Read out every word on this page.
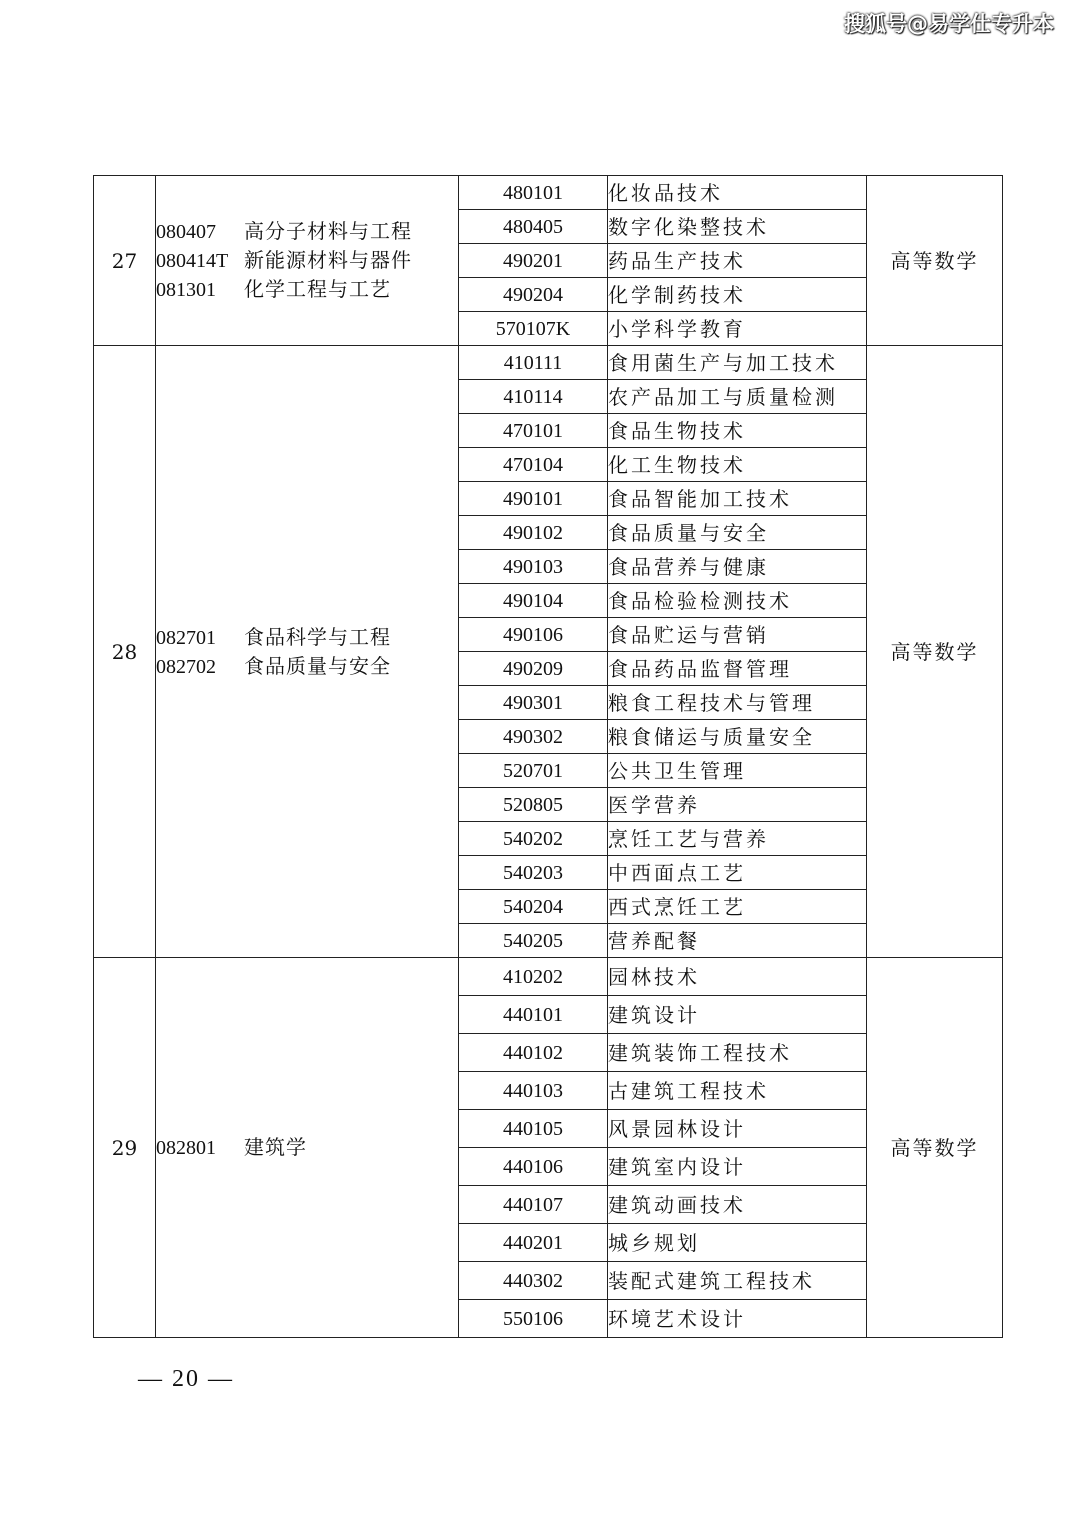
搜狐号@易学仕专升本
27	080407 高分子材料与工程
080414T 新能源材料与器件
081301 化学工程与工艺	480101	化妆品技术	高等数学
		480405	数字化染整技术	
		490201	药品生产技术	
		490204	化学制药技术	
		570107K	小学科学教育	
28	082701 食品科学与工程
082702 食品质量与安全	410111	食用菌生产与加工技术	高等数学
		410114	农产品加工与质量检测	
		470101	食品生物技术	
		470104	化工生物技术	
		490101	食品智能加工技术	
		490102	食品质量与安全	
		490103	食品营养与健康	
		490104	食品检验检测技术	
		490106	食品贮运与营销	
		490209	食品药品监督管理	
		490301	粮食工程技术与管理	
		490302	粮食储运与质量安全	
		520701	公共卫生管理	
		520805	医学营养	
		540202	烹饪工艺与营养	
		540203	中西面点工艺	
		540204	西式烹饪工艺	
		540205	营养配餐	
29	082801 建筑学	410202	园林技术	高等数学
		440101	建筑设计	
		440102	建筑装饰工程技术	
		440103	古建筑工程技术	
		440105	风景园林设计	
		440106	建筑室内设计	
		440107	建筑动画技术	
		440201	城乡规划	
		440302	装配式建筑工程技术	
		550106	环境艺术设计	
— 20 —
